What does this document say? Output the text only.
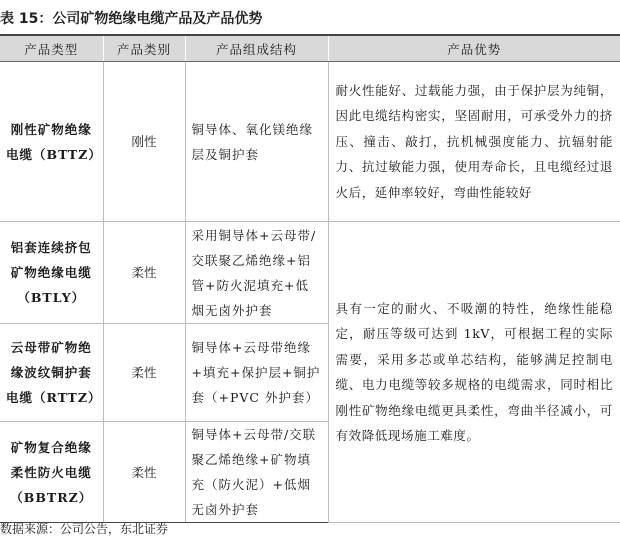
表 15：公司矿物绝缘电缆产品及产品优势
产品类型	产品类别	产品组成结构	产品优势
刚性矿物绝缘电缆（BTTZ）	刚性	铜导体、氧化镁绝缘层及铜护套	耐火性能好、过载能力强，由于保护层为纯铜，因此电缆结构密实，坚固耐用，可承受外力的挤压、撞击、敲打，抗机械强度能力、抗辐射能力、抗过敏能力强，使用寿命长，且电缆经过退火后，延伸率较好，弯曲性能较好
铝套连续挤包矿物绝缘电缆（BTLY）	柔性	采用铜导体+云母带/交联聚乙烯绝缘+铝管+防火泥填充+低烟无卤外护套	具有一定的耐火、不吸潮的特性，绝缘性能稳定，耐压等级可达到 1kV，可根据工程的实际需要，采用多芯或单芯结构，能够满足控制电缆、电力电缆等较多规格的电缆需求，同时相比刚性矿物绝缘电缆更具柔性，弯曲半径减小，可有效降低现场施工难度。
云母带矿物绝缘波纹铜护套电缆（RTTZ）	柔性	铜导体+云母带绝缘+填充+保护层+铜护套（+PVC 外护套）	
矿物复合绝缘柔性防火电缆（BBTRZ）	柔性	铜导体+云母带/交联聚乙烯绝缘+矿物填充（防火泥）+低烟无卤外护套	
数据来源：公司公告，东北证券
